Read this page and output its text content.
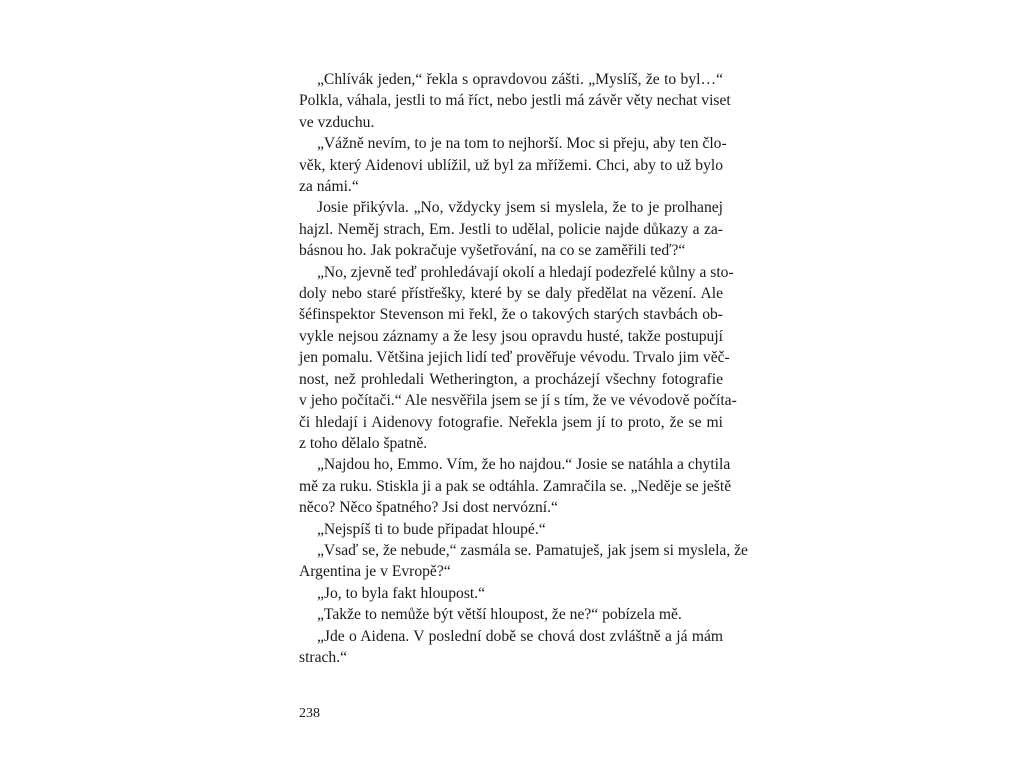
„Chlívák jeden,“ řekla s opravdovou zášti. „Myslíš, že to byl…“
Polkla, váhala, jestli to má říct, nebo jestli má závěr věty nechat viset
ve vzduchu.
„Vážně nevím, to je na tom to nejhorší. Moc si přeju, aby ten člo-
věk, který Aidenovi ublížil, už byl za mřížemi. Chci, aby to už bylo
za námi.“
Josie přikývla. „No, vždycky jsem si myslela, že to je prolhanej
hajzl. Neměj strach, Em. Jestli to udělal, policie najde důkazy a za-
básnou ho. Jak pokračuje vyšetřování, na co se zaměřili teď?“
„No, zjevně teď prohledávají okolí a hledají podezřelé kůlny a sto-
doly nebo staré přístřešky, které by se daly předělat na vězení. Ale
šéfinspektor Stevenson mi řekl, že o takových starých stavbách ob-
vykle nejsou záznamy a že lesy jsou opravdu husté, takže postupují
jen pomalu. Většina jejich lidí teď prověřuje vévodu. Trvalo jim věč-
nost, než prohledali Wetherington, a procházejí všechny fotografie
v jeho počítači.“ Ale nesvěřila jsem se jí s tím, že ve vévodově počíta-
či hledají i Aidenovy fotografie. Neřekla jsem jí to proto, že se mi
z toho dělalo špatně.
„Najdou ho, Emmo. Vím, že ho najdou.“ Josie se natáhla a chytila
mě za ruku. Stiskla ji a pak se odtáhla. Zamračila se. „Neděje se ještě
něco? Něco špatného? Jsi dost nervózní.“
„Nejspíš ti to bude připadat hloupé.“
„Vsaď se, že nebude,“ zasmála se. Pamatuješ, jak jsem si myslela, že
Argentina je v Evropě?“
„Jo, to byla fakt hloupost.“
„Takže to nemůže být větší hloupost, že ne?“ pobízela mě.
„Jde o Aidena. V poslední době se chová dost zvláštně a já mám
strach.“
238
